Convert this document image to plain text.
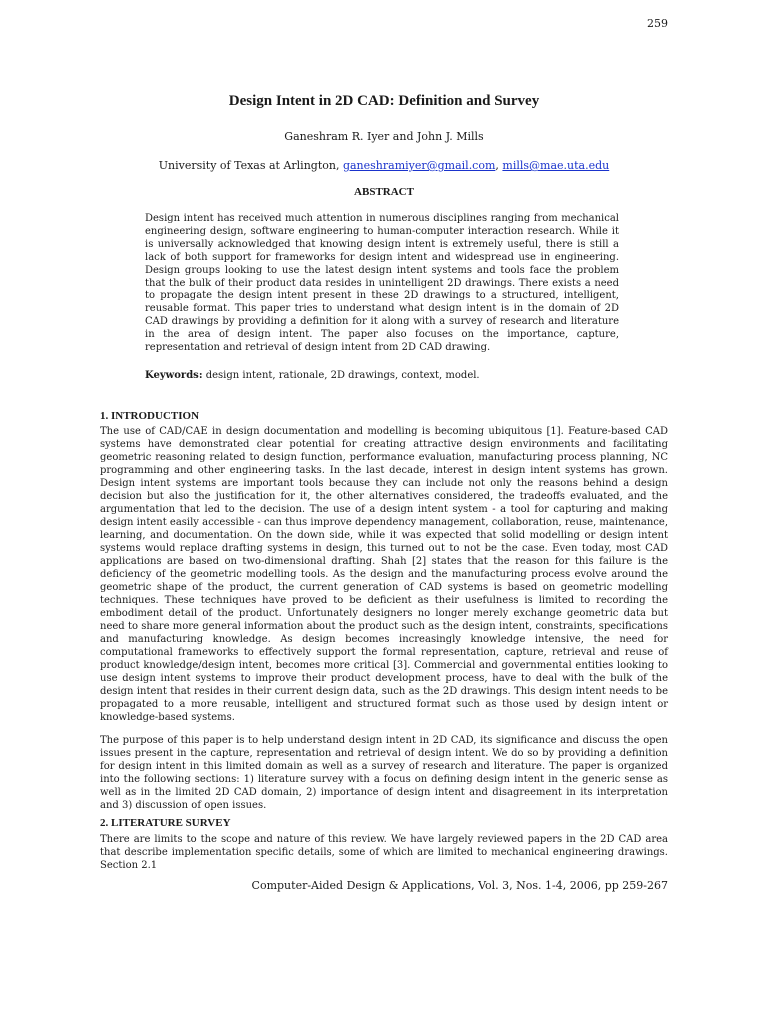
259
Design Intent in 2D CAD: Definition and Survey
Ganeshram R. Iyer and John J. Mills
University of Texas at Arlington, ganeshramiyer@gmail.com, mills@mae.uta.edu
ABSTRACT

Design intent has received much attention in numerous disciplines ranging from mechanical engineering design, software engineering to human-computer interaction research. While it is universally acknowledged that knowing design intent is extremely useful, there is still a lack of both support for frameworks for design intent and widespread use in engineering. Design groups looking to use the latest design intent systems and tools face the problem that the bulk of their product data resides in unintelligent 2D drawings. There exists a need to propagate the design intent present in these 2D drawings to a structured, intelligent, reusable format. This paper tries to understand what design intent is in the domain of 2D CAD drawings by providing a definition for it along with a survey of research and literature in the area of design intent. The paper also focuses on the importance, capture, representation and retrieval of design intent from 2D CAD drawing.

Keywords: design intent, rationale, 2D drawings, context, model.

1. INTRODUCTION

The use of CAD/CAE in design documentation and modelling is becoming ubiquitous [1]. Feature-based CAD systems have demonstrated clear potential for creating attractive design environments and facilitating geometric reasoning related to design function, performance evaluation, manufacturing process planning, NC programming and other engineering tasks. In the last decade, interest in design intent systems has grown. Design intent systems are important tools because they can include not only the reasons behind a design decision but also the justification for it, the other alternatives considered, the tradeoffs evaluated, and the argumentation that led to the decision. The use of a design intent system - a tool for capturing and making design intent easily accessible - can thus improve dependency management, collaboration, reuse, maintenance, learning, and documentation. On the down side, while it was expected that solid modelling or design intent systems would replace drafting systems in design, this turned out to not be the case. Even today, most CAD applications are based on two-dimensional drafting. Shah [2] states that the reason for this failure is the deficiency of the geometric modelling tools. As the design and the manufacturing process evolve around the geometric shape of the product, the current generation of CAD systems is based on geometric modelling techniques. These techniques have proved to be deficient as their usefulness is limited to recording the embodiment detail of the product. Unfortunately designers no longer merely exchange geometric data but need to share more general information about the product such as the design intent, constraints, specifications and manufacturing knowledge. As design becomes increasingly knowledge intensive, the need for computational frameworks to effectively support the formal representation, capture, retrieval and reuse of product knowledge/design intent, becomes more critical [3]. Commercial and governmental entities looking to use design intent systems to improve their product development process, have to deal with the bulk of the design intent that resides in their current design data, such as the 2D drawings. This design intent needs to be propagated to a more reusable, intelligent and structured format such as those used by design intent or knowledge-based systems.

The purpose of this paper is to help understand design intent in 2D CAD, its significance and discuss the open issues present in the capture, representation and retrieval of design intent. We do so by providing a definition for design intent in this limited domain as well as a survey of research and literature. The paper is organized into the following sections: 1) literature survey with a focus on defining design intent in the generic sense as well as in the limited 2D CAD domain, 2) importance of design intent and disagreement in its interpretation and 3) discussion of open issues.

2. LITERATURE SURVEY

There are limits to the scope and nature of this review. We have largely reviewed papers in the 2D CAD area that describe implementation specific details, some of which are limited to mechanical engineering drawings. Section 2.1

Computer-Aided Design & Applications, Vol. 3, Nos. 1-4, 2006, pp 259-267
